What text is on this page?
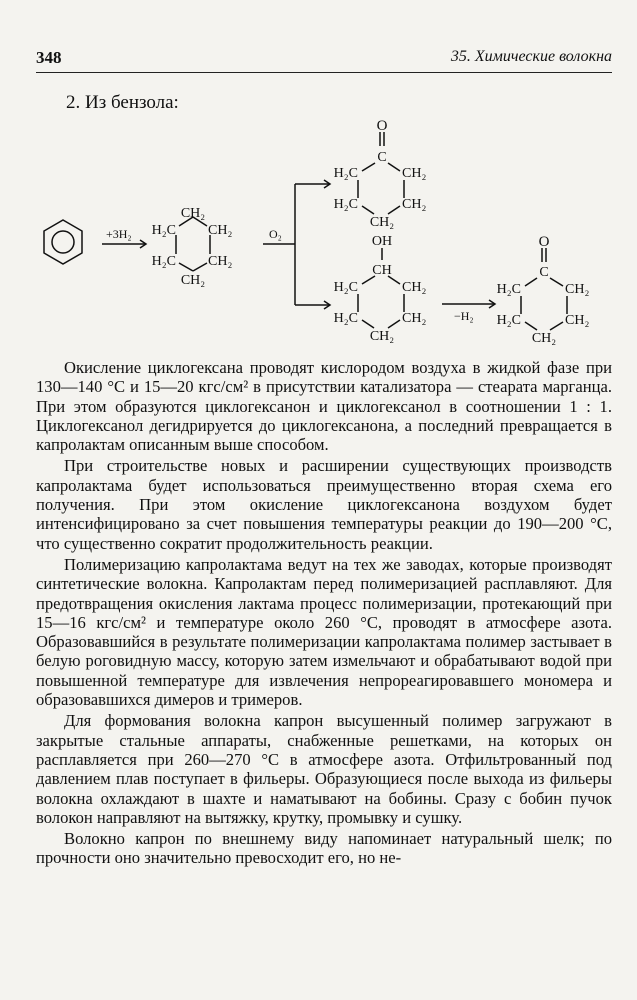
348	35. Химические волокна
2. Из бензола:
+3H₂
CH₂
H₂C CH₂
H₂C CH₂
CH₂
O₂
O
C
H₂C	CH₂
H₂C	CH₂
CH₂
OH
CH
H₂C	CH₂
H₂C	CH₂
CH₂
−H₂
O
C
H₂C	CH₂
H₂C	CH₂
CH₂

Окисление циклогексана проводят кислородом воздуха в жидкой фазе при 130—140 °С и 15—20 кгс/см² в присутствии катализатора — стеарата марганца. При этом образуются циклогексанон и циклогексанол в соотношении 1 : 1. Циклогексанол дегидрируется до циклогексанона, а последний превращается в капролактам описанным выше способом.

При строительстве новых и расширении существующих производств капролактама будет использоваться преимущественно вторая схема его получения. При этом окисление циклогексанона воздухом будет интенсифицировано за счет повышения температуры реакции до 190—200 °С, что существенно сократит продолжительность реакции.

Полимеризацию капролактама ведут на тех же заводах, которые производят синтетические волокна. Капролактам перед полимеризацией расплавляют. Для предотвращения окисления лактама процесс полимеризации, протекающий при 15—16 кгс/см² и температуре около 260 °С, проводят в атмосфере азота. Образовавшийся в результате полимеризации капролактама полимер застывает в белую роговидную массу, которую затем измельчают и обрабатывают водой при повышенной температуре для извлечения непрореагировавшего мономера и образовавшихся димеров и тримеров.

Для формования волокна капрон высушенный полимер загружают в закрытые стальные аппараты, снабженные решетками, на которых он расплавляется при 260—270 °С в атмосфере азота. Отфильтрованный под давлением плав поступает в фильеры. Образующиеся после выхода из фильеры волокна охлаждают в шахте и наматывают на бобины. Сразу с бобин пучок волокон направляют на вытяжку, крутку, промывку и сушку.

Волокно капрон по внешнему виду напоминает натуральный шелк; по прочности оно значительно превосходит его, но не-
